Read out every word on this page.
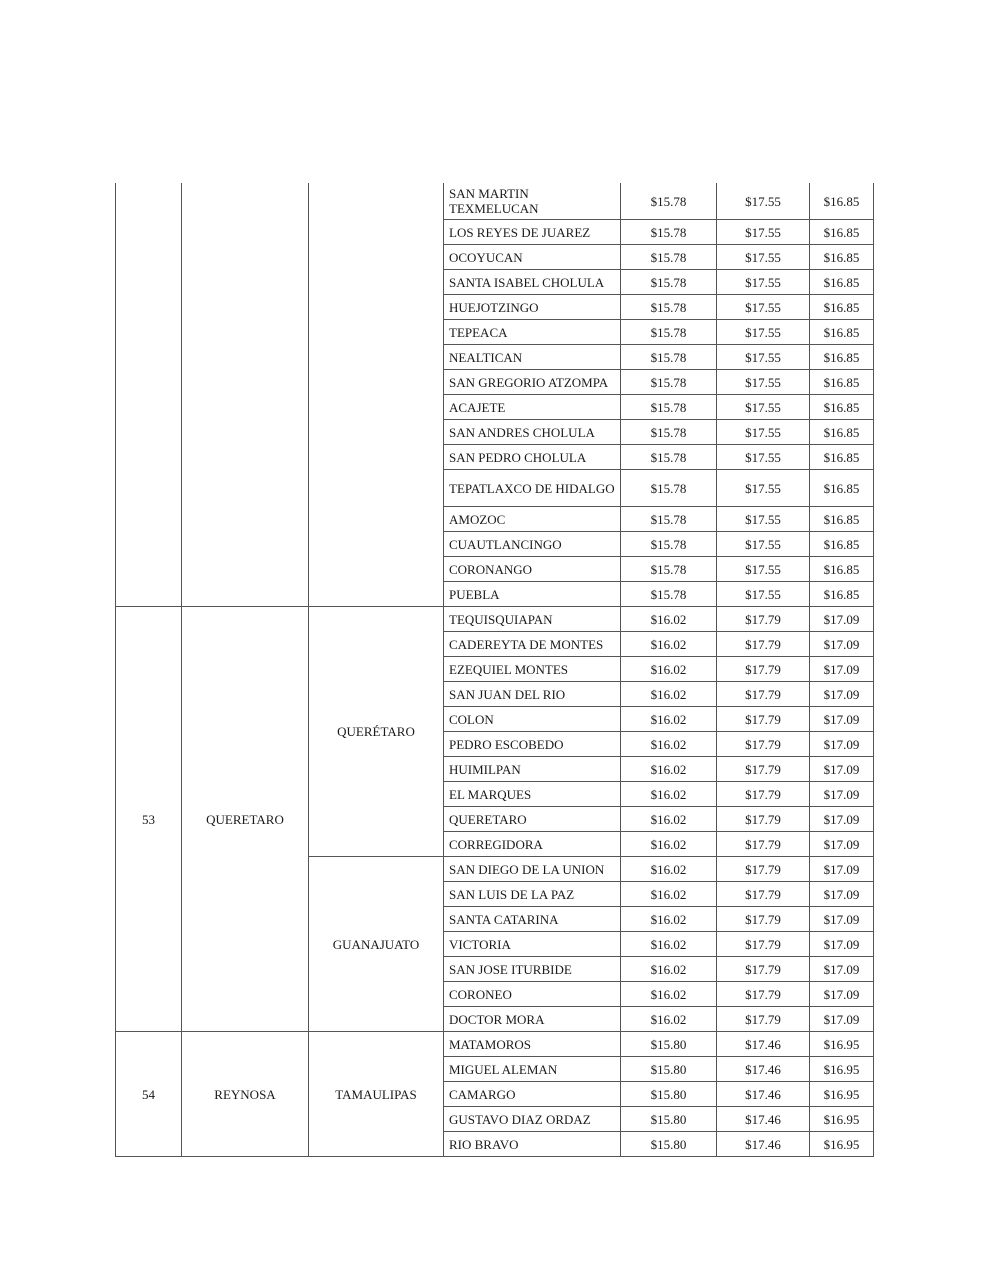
			SAN MARTIN TEXMELUCAN	$15.78	$17.55	$16.85
			LOS REYES DE JUAREZ	$15.78	$17.55	$16.85
			OCOYUCAN	$15.78	$17.55	$16.85
			SANTA ISABEL CHOLULA	$15.78	$17.55	$16.85
			HUEJOTZINGO	$15.78	$17.55	$16.85
			TEPEACA	$15.78	$17.55	$16.85
			NEALTICAN	$15.78	$17.55	$16.85
			SAN GREGORIO ATZOMPA	$15.78	$17.55	$16.85
			ACAJETE	$15.78	$17.55	$16.85
			SAN ANDRES CHOLULA	$15.78	$17.55	$16.85
			SAN PEDRO CHOLULA	$15.78	$17.55	$16.85
			TEPATLAXCO DE HIDALGO	$15.78	$17.55	$16.85
			AMOZOC	$15.78	$17.55	$16.85
			CUAUTLANCINGO	$15.78	$17.55	$16.85
			CORONANGO	$15.78	$17.55	$16.85
			PUEBLA	$15.78	$17.55	$16.85
53	QUERETARO	QUERÉTARO	TEQUISQUIAPAN	$16.02	$17.79	$17.09
			CADEREYTA DE MONTES	$16.02	$17.79	$17.09
			EZEQUIEL MONTES	$16.02	$17.79	$17.09
			SAN JUAN DEL RIO	$16.02	$17.79	$17.09
			COLON	$16.02	$17.79	$17.09
			PEDRO ESCOBEDO	$16.02	$17.79	$17.09
			HUIMILPAN	$16.02	$17.79	$17.09
			EL MARQUES	$16.02	$17.79	$17.09
			QUERETARO	$16.02	$17.79	$17.09
			CORREGIDORA	$16.02	$17.79	$17.09
		GUANAJUATO	SAN DIEGO DE LA UNION	$16.02	$17.79	$17.09
			SAN LUIS DE LA PAZ	$16.02	$17.79	$17.09
			SANTA CATARINA	$16.02	$17.79	$17.09
			VICTORIA	$16.02	$17.79	$17.09
			SAN JOSE ITURBIDE	$16.02	$17.79	$17.09
			CORONEO	$16.02	$17.79	$17.09
			DOCTOR MORA	$16.02	$17.79	$17.09
54	REYNOSA	TAMAULIPAS	MATAMOROS	$15.80	$17.46	$16.95
			MIGUEL ALEMAN	$15.80	$17.46	$16.95
			CAMARGO	$15.80	$17.46	$16.95
			GUSTAVO DIAZ ORDAZ	$15.80	$17.46	$16.95
			RIO BRAVO	$15.80	$17.46	$16.95
